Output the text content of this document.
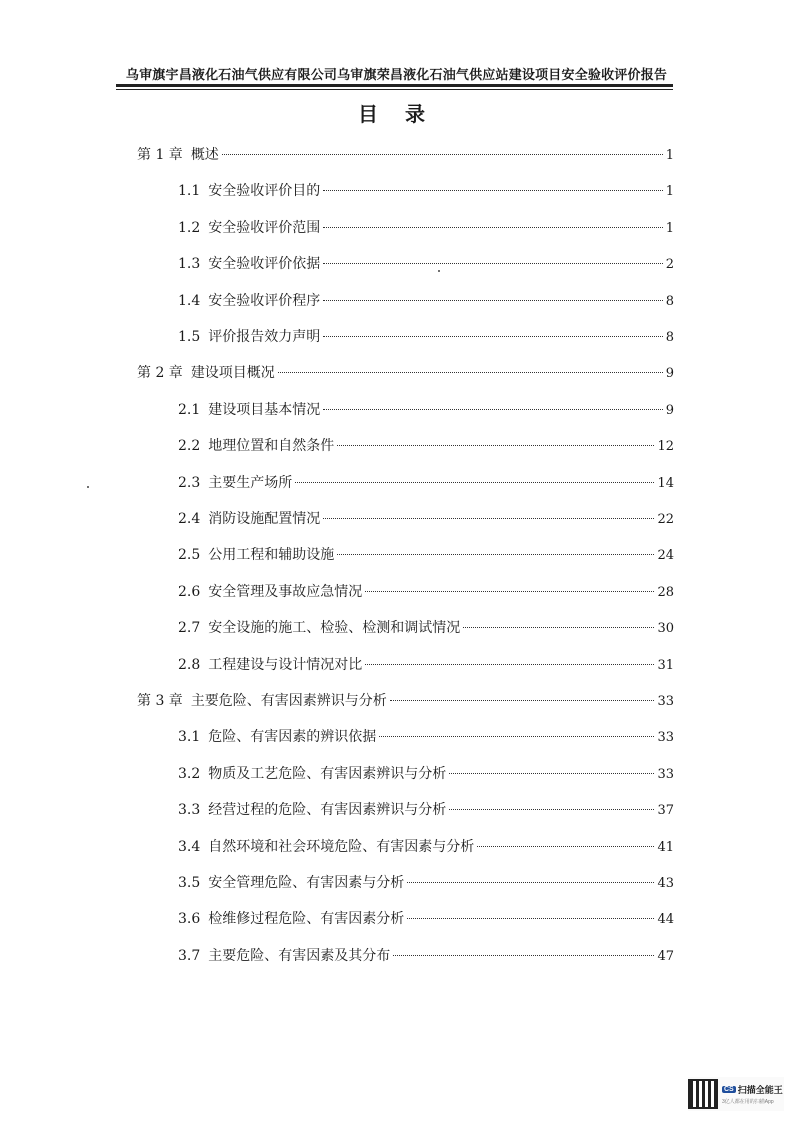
乌审旗宇昌液化石油气供应有限公司乌审旗荣昌液化石油气供应站建设项目安全验收评价报告
目 录
第 1 章 概述	1
1.1 安全验收评价目的	1
1.2 安全验收评价范围	1
1.3 安全验收评价依据	2
1.4 安全验收评价程序	8
1.5 评价报告效力声明	8
第 2 章 建设项目概况	9
2.1 建设项目基本情况	9
2.2 地理位置和自然条件	12
2.3 主要生产场所	14
2.4 消防设施配置情况	22
2.5 公用工程和辅助设施	24
2.6 安全管理及事故应急情况	28
2.7 安全设施的施工、检验、检测和调试情况	30
2.8 工程建设与设计情况对比	31
第 3 章 主要危险、有害因素辨识与分析	33
3.1 危险、有害因素的辨识依据	33
3.2 物质及工艺危险、有害因素辨识与分析	33
3.3 经营过程的危险、有害因素辨识与分析	37
3.4 自然环境和社会环境危险、有害因素与分析	41
3.5 安全管理危险、有害因素与分析	43
3.6 检维修过程危险、有害因素分析	44
3.7 主要危险、有害因素及其分布	47
CS 扫描全能王
3亿人都在用的扫描App
